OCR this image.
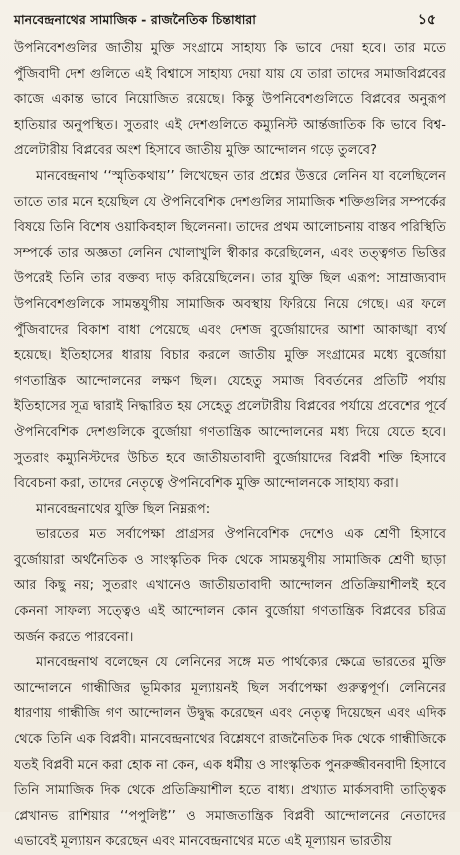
মানবেন্দ্রনাথের সামাজিক - রাজনৈতিক চিন্তাধারা	১৫

উপনিবেশগুলির জাতীয় মুক্তি সংগ্রামে সাহায্য কি ভাবে দেয়া হবে। তার মতে পুঁজিবাদী দেশ গুলিতে এই বিশ্বাসে সাহায্য দেয়া যায় যে তারা তাদের সমাজবিপ্লবের কাজে একান্ত ভাবে নিয়োজিত রয়েছে। কিন্তু উপনিবেশগুলিতে বিপ্লবের অনুরূপ হাতিয়ার অনুপস্থিত। সুতরাং এই দেশগুলিতে কম্যুনিস্ট আর্ন্তজাতিক কি ভাবে বিশ্ব-প্রলেটারীয় বিপ্লবের অংশ হিসাবে জাতীয় মুক্তি আন্দোলন গড়ে তুলবে?

মানবেন্দ্রনাথ ‘‘স্মৃতিকথায়’’ লিখেছেন তার প্রশ্নের উত্তরে লেনিন যা বলেছিলেন তাতে তার মনে হয়েছিল যে ঔপনিবেশিক দেশগুলির সামাজিক শক্তিগুলির সম্পর্কের বিষয়ে তিনি বিশেষ ওয়াকিবহাল ছিলেননা। তাদের প্রথম আলোচনায় বাস্তব পরিস্থিতি সম্পর্কে তার অজ্ঞতা লেনিন খোলাখুলি স্বীকার করেছিলেন, এবং তত্ত্বগত ভিত্তির উপরেই তিনি তার বক্তব্য দাড় করিয়েছিলেন। তার যুক্তি ছিল এরূপ: সাম্রাজ্যবাদ উপনিবেশগুলিকে সামন্তযুগীয় সামাজিক অবস্থায় ফিরিয়ে নিয়ে গেছে। এর ফলে পুঁজিবাদের বিকাশ বাধা পেয়েছে এবং দেশজ বুর্জোয়াদের আশা আকাঙ্খা ব্যর্থ হয়েছে। ইতিহাসের ধারায় বিচার করলে জাতীয় মুক্তি সংগ্রামের মধ্যে বুর্জোয়া গণতান্ত্রিক আন্দোলনের লক্ষণ ছিল। যেহেতু সমাজ বিবর্তনের প্রতিটি পর্যায় ইতিহাসের সূত্র দ্বারাই নিদ্ধারিত হয় সেহেতু প্রলেটারীয় বিপ্লবের পর্যায়ে প্রবেশের পূর্বে ঔপনিবেশিক দেশগুলিকে বুর্জোয়া গণতান্ত্রিক আন্দোলনের মধ্য দিয়ে যেতে হবে। সুতরাং কম্যুনিস্টদের উচিত হবে জাতীয়তাবাদী বুর্জোয়াদের বিপ্লবী শক্তি হিসাবে বিবেচনা করা, তাদের নেতৃত্বে ঔপনিবেশিক মুক্তি আন্দোলনকে সাহায্য করা।

মানবেন্দ্রনাথের যুক্তি ছিল নিম্নরূপ:

ভারতের মত সর্বাপেক্ষা প্রাগ্রসর ঔপনিবেশিক দেশেও এক শ্রেণী হিসাবে বুর্জোয়ারা অর্থনৈতিক ও সাংস্কৃতিক দিক থেকে সামন্তযুগীয় সামাজিক শ্রেণী ছাড়া আর কিছু নয়; সুতরাং এখানেও জাতীয়তাবাদী আন্দোলন প্রতিক্রিয়াশীলই হবে কেননা সাফল্য সত্ত্বেও এই আন্দোলন কোন বুর্জোয়া গণতান্ত্রিক বিপ্লবের চরিত্র অর্জন করতে পারবেনা।

মানবেন্দ্রনাথ বলেছেন যে লেনিনের সঙ্গে মত পার্থক্যের ক্ষেত্রে ভারতের মুক্তি আন্দোলনে গান্ধীজির ভূমিকার মূল্যায়নই ছিল সর্বাপেক্ষা গুরুত্বপূর্ণ। লেনিনের ধারণায় গান্ধীজি গণ আন্দোলন উদ্বুদ্ধ করেছেন এবং নেতৃত্ব দিয়েছেন এবং এদিক থেকে তিনি এক বিপ্লবী। মানবেন্দ্রনাথের বিশ্লেষণে রাজনৈতিক দিক থেকে গান্ধীজিকে যতই বিপ্লবী মনে করা হোক না কেন, এক ধর্মীয় ও সাংস্কৃতিক পুনরুজ্জীবনবাদী হিসাবে তিনি সামাজিক দিক থেকে প্রতিক্রিয়াশীল হতে বাধ্য। প্রখ্যাত মার্কসবাদী তাত্ত্বিক প্লেখানভ রাশিয়ার ‘‘পপুলিষ্ট’’ ও সমাজতান্ত্রিক বিপ্লবী আন্দোলনের নেতাদের এভাবেই মূল্যায়ন করেছেন এবং মানবেন্দ্রনাথের মতে এই মূল্যায়ন ভারতীয়
